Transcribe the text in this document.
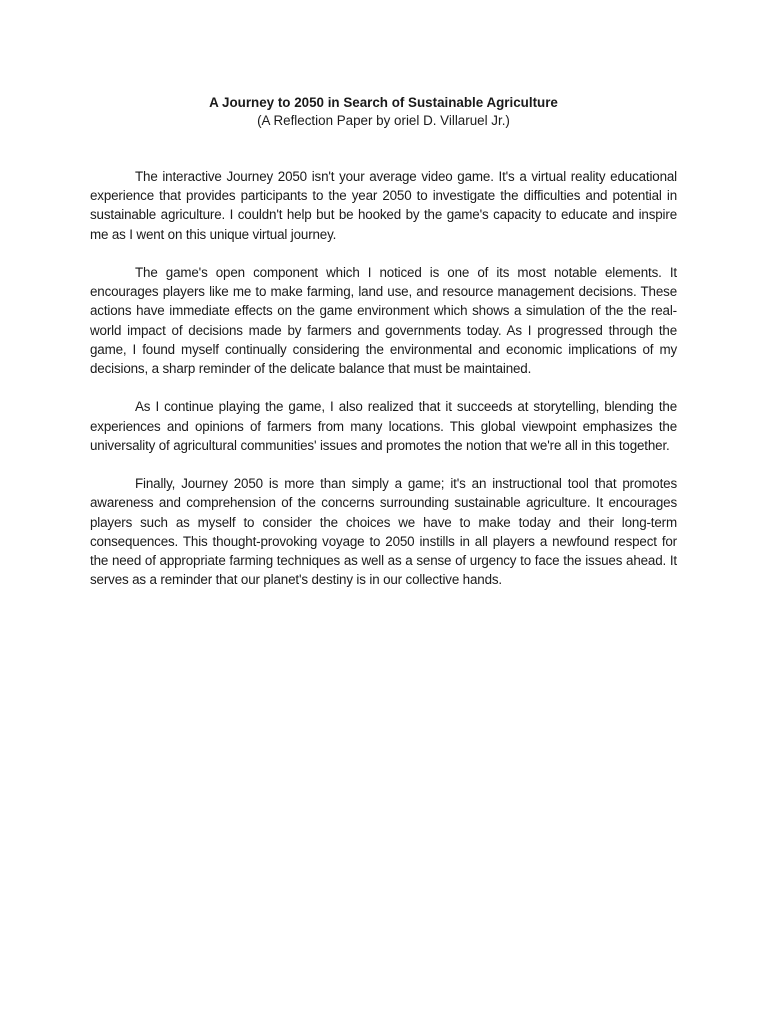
A Journey to 2050 in Search of Sustainable Agriculture

(A Reflection Paper by oriel D. Villaruel Jr.)

The interactive Journey 2050 isn't your average video game. It's a virtual reality educational experience that provides participants to the year 2050 to investigate the difficulties and potential in sustainable agriculture. I couldn't help but be hooked by the game's capacity to educate and inspire me as I went on this unique virtual journey.

The game's open component which I noticed is one of its most notable elements. It encourages players like me to make farming, land use, and resource management decisions. These actions have immediate effects on the game environment which shows a simulation of the the real-world impact of decisions made by farmers and governments today. As I progressed through the game, I found myself continually considering the environmental and economic implications of my decisions, a sharp reminder of the delicate balance that must be maintained.

As I continue playing the game, I also realized that it succeeds at storytelling, blending the experiences and opinions of farmers from many locations. This global viewpoint emphasizes the universality of agricultural communities' issues and promotes the notion that we're all in this together.

Finally, Journey 2050 is more than simply a game; it's an instructional tool that promotes awareness and comprehension of the concerns surrounding sustainable agriculture. It encourages players such as myself to consider the choices we have to make today and their long-term consequences. This thought-provoking voyage to 2050 instills in all players a newfound respect for the need of appropriate farming techniques as well as a sense of urgency to face the issues ahead. It serves as a reminder that our planet's destiny is in our collective hands.
